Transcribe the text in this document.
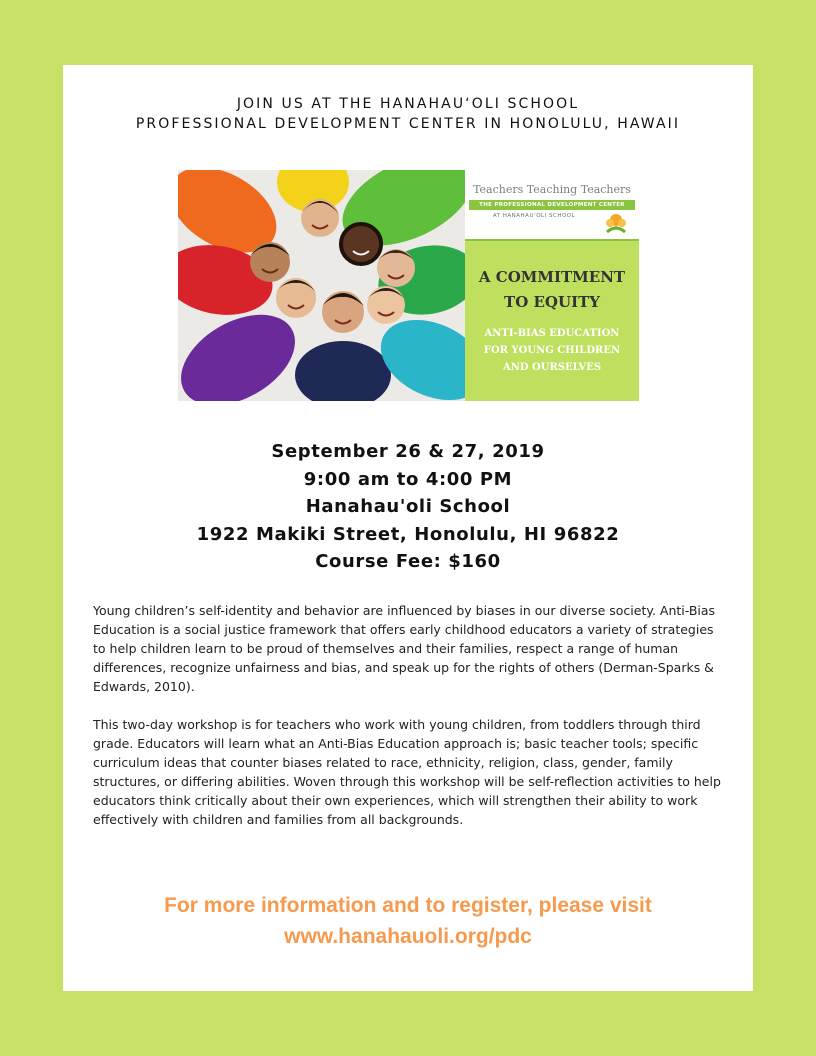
JOIN US AT THE HANAHAU‘OLI SCHOOL
PROFESSIONAL DEVELOPMENT CENTER IN HONOLULU, HAWAII
Teachers Teaching Teachers
THE PROFESSIONAL DEVELOPMENT CENTER
AT HANAHAU‘OLI SCHOOL
A COMMITMENT
TO EQUITY
ANTI-BIAS EDUCATION
FOR YOUNG CHILDREN
AND OURSELVES
September 26 & 27, 2019
9:00 am to 4:00 PM
Hanahau'oli School
1922 Makiki Street, Honolulu, HI 96822
Course Fee: $160

Young children’s self-identity and behavior are influenced by biases in our diverse society. Anti-Bias Education is a social justice framework that offers early childhood educators a variety of strategies to help children learn to be proud of themselves and their families, respect a range of human differences, recognize unfairness and bias, and speak up for the rights of others (Derman-Sparks & Edwards, 2010).

This two-day workshop is for teachers who work with young children, from toddlers through third grade. Educators will learn what an Anti-Bias Education approach is; basic teacher tools; specific curriculum ideas that counter biases related to race, ethnicity, religion, class, gender, family structures, or differing abilities. Woven through this workshop will be self-reflection activities to help educators think critically about their own experiences, which will strengthen their ability to work effectively with children and families from all backgrounds.

For more information and to register, please visit
www.hanahauoli.org/pdc
